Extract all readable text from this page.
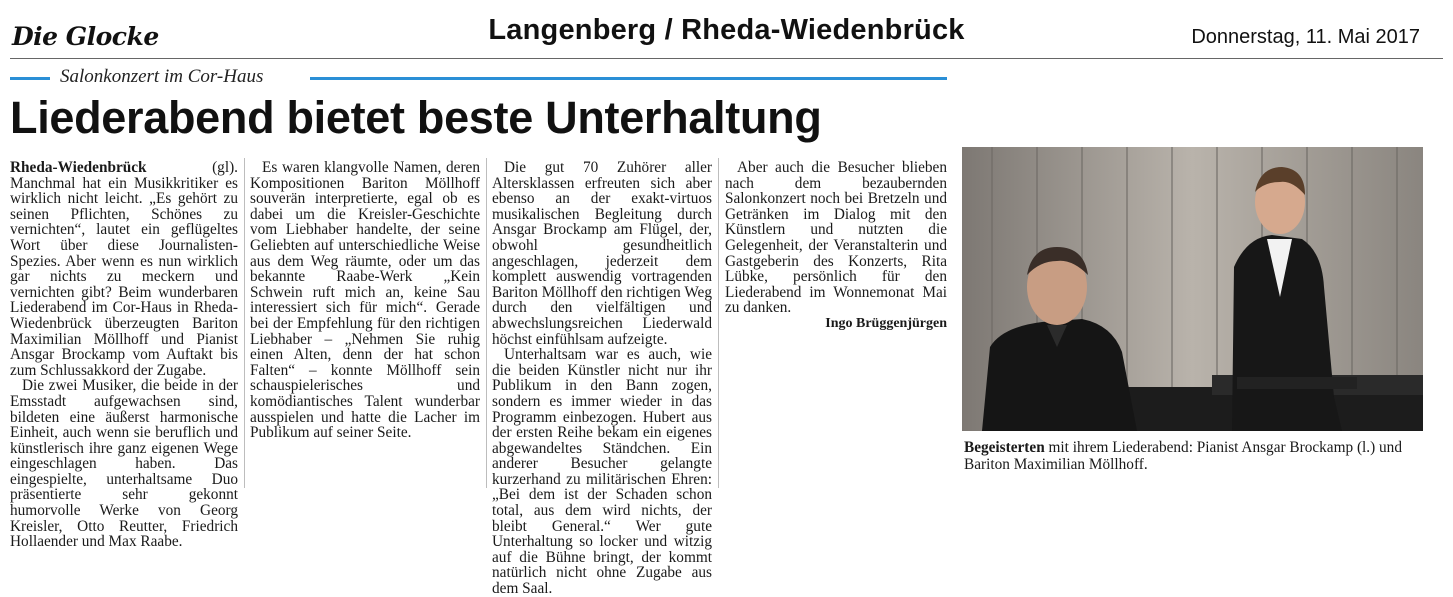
Die Glocke	Langenberg / Rheda-Wiedenbrück	Donnerstag, 11. Mai 2017
Salonkonzert im Cor-Haus
Liederabend bietet beste Unterhaltung

Rheda-Wiedenbrück	(gl).
Manchmal hat ein Musikkritiker es wirklich nicht leicht. „Es gehört zu seinen Pflichten, Schönes zu vernichten“, lautet ein geflügeltes Wort über diese Journalisten-Spezies. Aber wenn es nun wirklich gar nichts zu meckern und vernichten gibt? Beim wunderbaren Liederabend im Cor-Haus in Rheda-Wiedenbrück überzeugten Bariton Maximilian Möllhoff und Pianist Ansgar Brockamp vom Auftakt bis zum Schlussakkord der Zugabe.

Die zwei Musiker, die beide in der Emsstadt aufgewachsen sind, bildeten eine äußerst harmonische Einheit, auch wenn sie beruflich und künstlerisch ihre ganz eigenen Wege eingeschlagen haben. Das eingespielte, unterhaltsame Duo präsentierte sehr gekonnt humorvolle Werke von Georg Kreisler, Otto Reutter, Friedrich Hollaender und Max Raabe.

Es waren klangvolle Namen, deren Kompositionen Bariton Möllhoff souverän interpretierte, egal ob es dabei um die Kreisler-Geschichte vom Liebhaber handelte, der seine Geliebten auf unterschiedliche Weise aus dem Weg räumte, oder um das bekannte Raabe-Werk „Kein Schwein ruft mich an, keine Sau interessiert sich für mich“. Gerade bei der Empfehlung für den richtigen Liebhaber – „Nehmen Sie ruhig einen Alten, denn der hat schon Falten“ – konnte Möllhoff sein schauspielerisches und komödiantisches Talent wunderbar ausspielen und hatte die Lacher im Publikum auf seiner Seite.

Die gut 70 Zuhörer aller Altersklassen erfreuten sich aber ebenso an der exakt-virtuos musikalischen Begleitung durch Ansgar Brockamp am Flügel, der, obwohl gesundheitlich angeschlagen, jederzeit dem komplett auswendig vortragenden Bariton Möllhoff den richtigen Weg durch den vielfältigen und abwechslungsreichen Liederwald höchst einfühlsam aufzeigte.

Unterhaltsam war es auch, wie die beiden Künstler nicht nur ihr Publikum in den Bann zogen, sondern es immer wieder in das Programm einbezogen. Hubert aus der ersten Reihe bekam ein eigenes abgewandeltes Ständchen. Ein anderer Besucher gelangte kurzerhand zu militärischen Ehren: „Bei dem ist der Schaden schon total, aus dem wird nichts, der bleibt General.“ Wer gute Unterhaltung so locker und witzig auf die Bühne bringt, der kommt natürlich nicht ohne Zugabe aus dem Saal.

Aber auch die Besucher blieben nach dem bezaubernden Salonkonzert noch bei Bretzeln und Getränken im Dialog mit den Künstlern und nutzten die Gelegenheit, der Veranstalterin und Gastgeberin des Konzerts, Rita Lübke, persönlich für den Liederabend im Wonnemonat Mai zu danken.

Ingo Brüggenjürgen
Begeisterten mit ihrem Liederabend: Pianist Ansgar Brockamp (l.) und Bariton Maximilian Möllhoff.
